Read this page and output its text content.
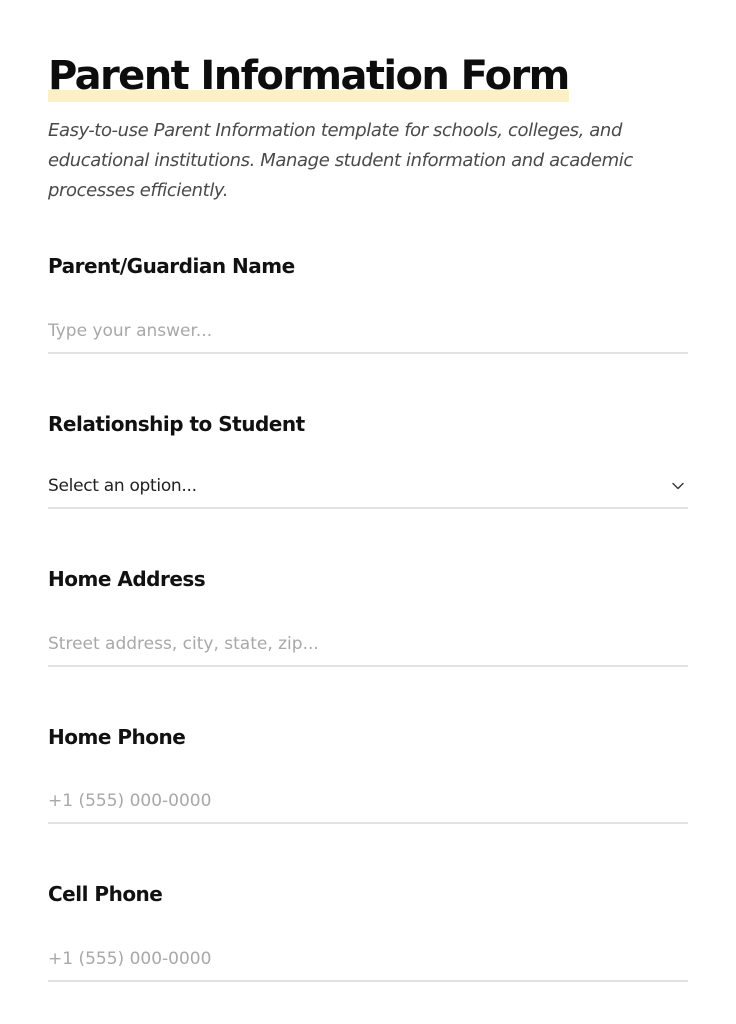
Parent Information Form

Easy-to-use Parent Information template for schools, colleges, and educational institutions. Manage student information and academic processes efficiently.

Parent/Guardian Name
Type your answer...
Relationship to Student
Select an option...
Home Address
Street address, city, state, zip...
Home Phone
+1 (555) 000-0000
Cell Phone
+1 (555) 000-0000
